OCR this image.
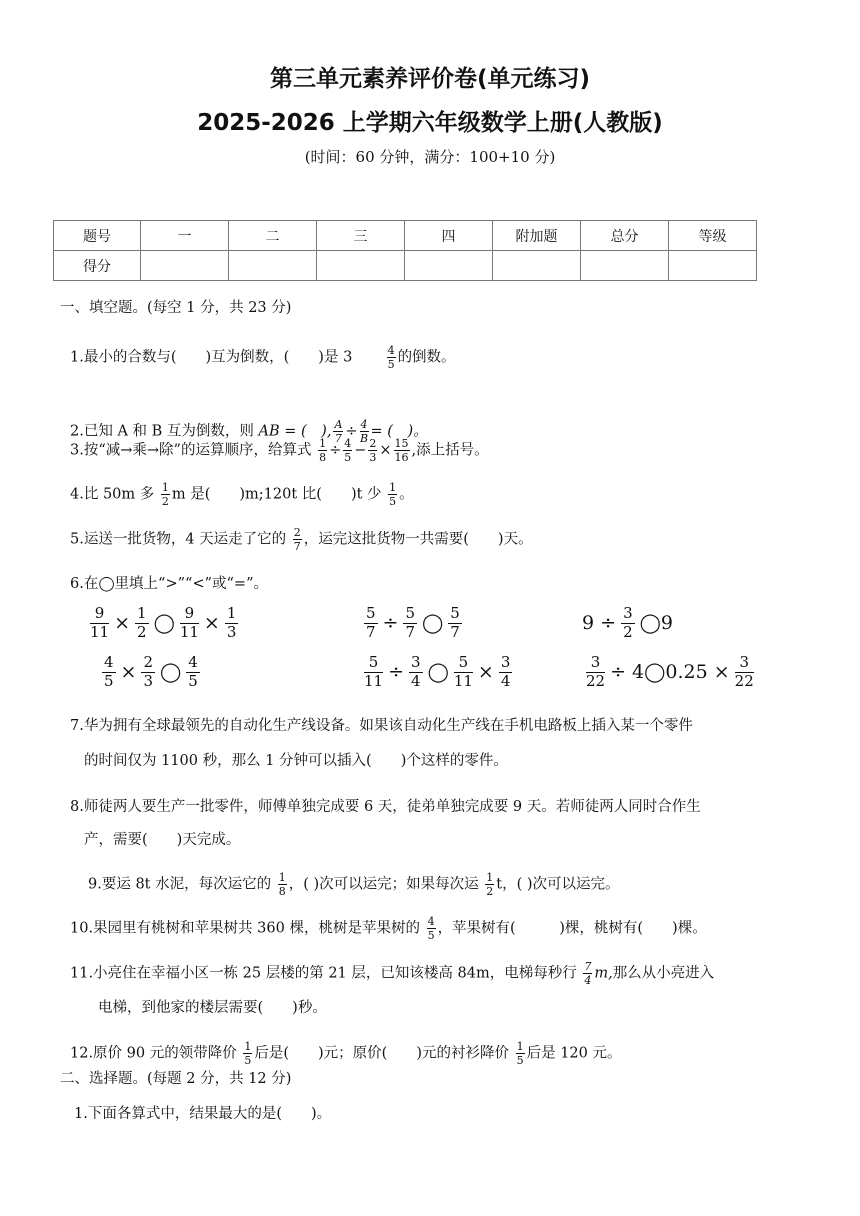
第三单元素养评价卷(单元练习)
2025-2026 上学期六年级数学上册(人教版)
(时间：60 分钟，满分：100+10 分)
题号	一	二	三	四	附加题	总分	等级
得分							
一、填空题。(每空 1 分，共 23 分)
1.最小的合数与(　　)互为倒数，(　　)是 3	$\frac{4}{5}$ 的倒数。
2.已知 A 和 B 互为倒数，则 AB = (　), $\frac{A}{7} \div \frac{4}{B}$ = (　)。
3.按“减→乘→除”的运算顺序，给算式 $\frac{1}{8} \div \frac{4}{5} - \frac{2}{3} \times \frac{15}{16}$ ,添上括号。
4.比 50m 多 $\frac{1}{2}$ m 是(　　)m;120t 比(　　)t 少 $\frac{1}{5}$ 。
5.运送一批货物，4 天运走了它的 $\frac{2}{7}$ ，运完这批货物一共需要(　　)天。
6.在◯里填上“>”“<”或“=”。
$\frac{9}{11} \times \frac{1}{2}$ ◯ $\frac{9}{11} \times \frac{1}{3}$	$\frac{5}{7} \div \frac{5}{7}$ ◯ $\frac{5}{7}$	$9 \div \frac{3}{2}$ ◯9
$\frac{4}{5} \times \frac{2}{3}$ ◯ $\frac{4}{5}$	$\frac{5}{11} \div \frac{3}{4}$ ◯ $\frac{5}{11} \times \frac{3}{4}$	$\frac{3}{22}$ ÷ 4◯0.25 × $\frac{3}{22}$
7.华为拥有全球最领先的自动化生产线设备。如果该自动化生产线在手机电路板上插入某一个零件
的时间仅为 1100 秒，那么 1 分钟可以插入(　　)个这样的零件。
8.师徒两人要生产一批零件，师傅单独完成要 6 天，徒弟单独完成要 9 天。若师徒两人同时合作生
产，需要(　　)天完成。
9.要运 8t 水泥，每次运它的 $\frac{1}{8}$ ，( )次可以运完；如果每次运 $\frac{1}{2}$ t，( )次可以运完。
10.果园里有桃树和苹果树共 360 棵，桃树是苹果树的 $\frac{4}{5}$ ，苹果树有(　　　)棵，桃树有(　　)棵。
11.小亮住在幸福小区一栋 25 层楼的第 21 层，已知该楼高 84m，电梯每秒行 $\frac{7}{4} m$,那么从小亮进入
电梯，到他家的楼层需要(　　)秒。
12.原价 90 元的领带降价 $\frac{1}{5}$ 后是(　　)元；原价(　　)元的衬衫降价 $\frac{1}{5}$ 后是 120 元。
二、选择题。(每题 2 分，共 12 分)
1.下面各算式中，结果最大的是(　　)。
